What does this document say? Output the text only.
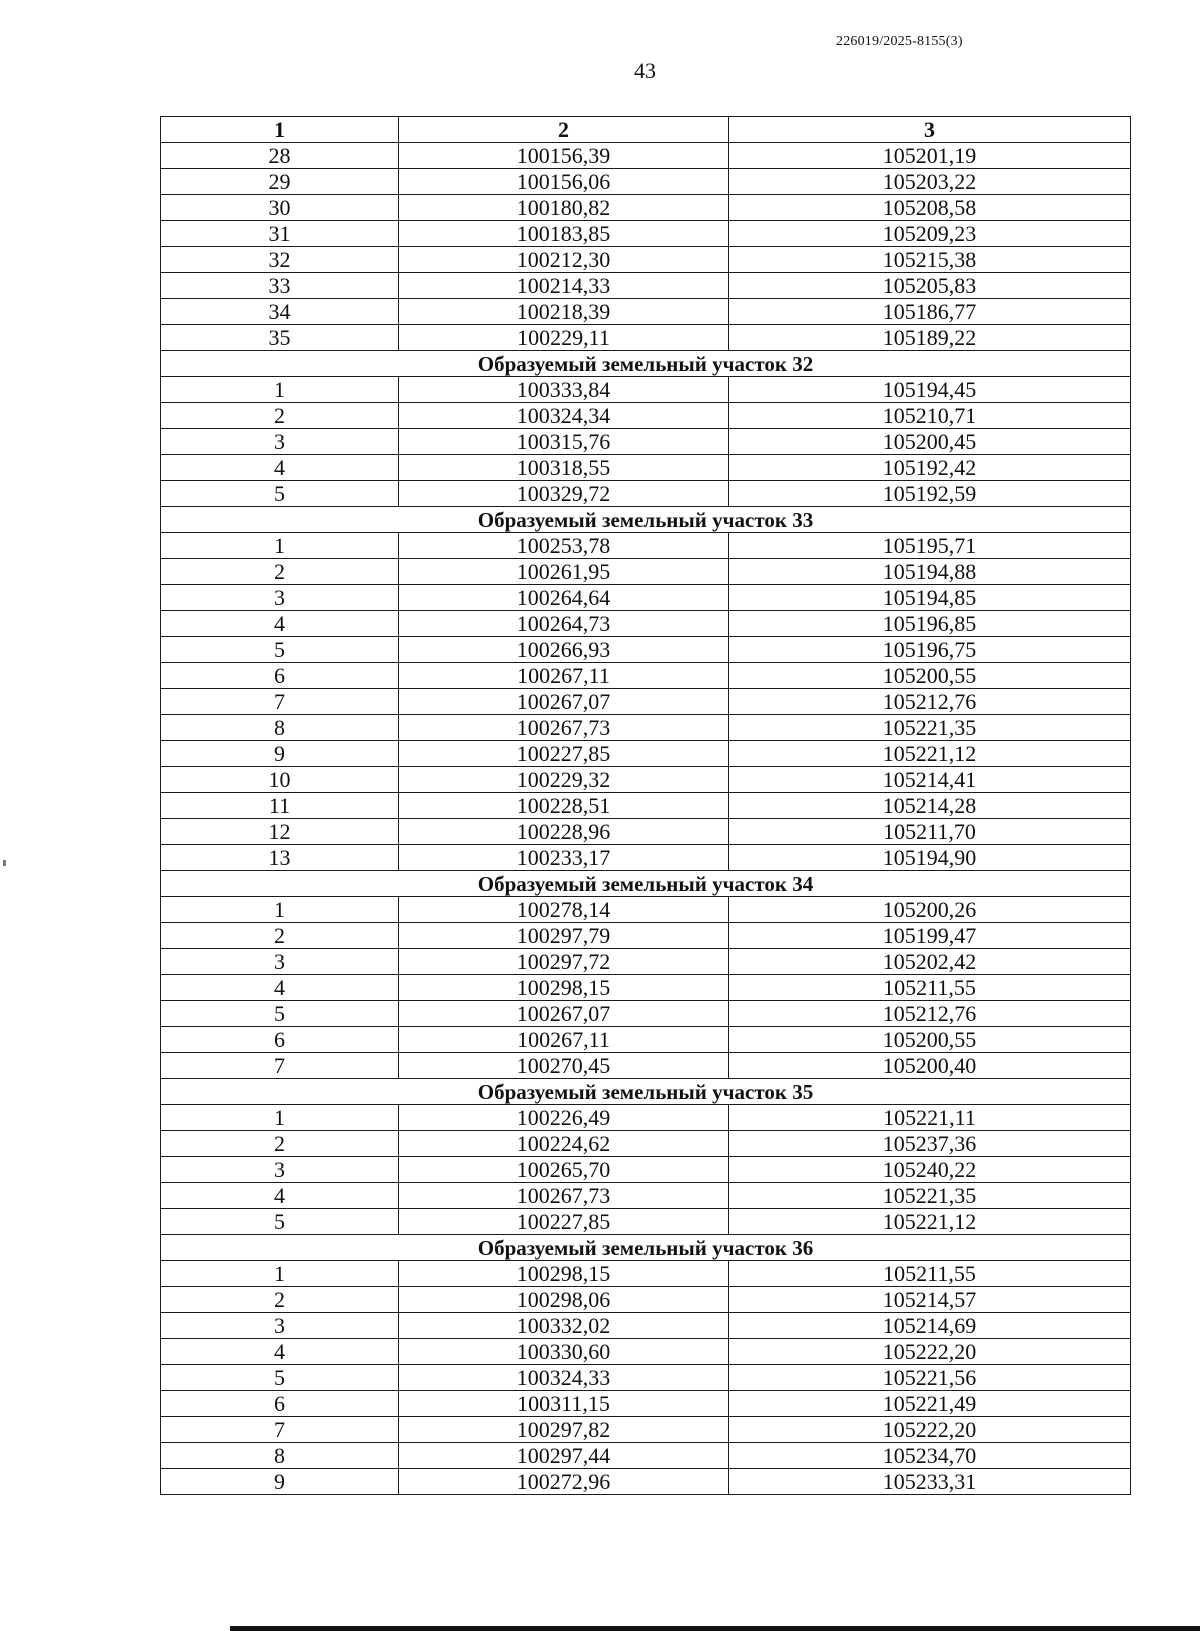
226019/2025-8155(3)
43
1	2	3
28	100156,39	105201,19
29	100156,06	105203,22
30	100180,82	105208,58
31	100183,85	105209,23
32	100212,30	105215,38
33	100214,33	105205,83
34	100218,39	105186,77
35	100229,11	105189,22
Образуемый земельный участок 32		
1	100333,84	105194,45
2	100324,34	105210,71
3	100315,76	105200,45
4	100318,55	105192,42
5	100329,72	105192,59
Образуемый земельный участок 33		
1	100253,78	105195,71
2	100261,95	105194,88
3	100264,64	105194,85
4	100264,73	105196,85
5	100266,93	105196,75
6	100267,11	105200,55
7	100267,07	105212,76
8	100267,73	105221,35
9	100227,85	105221,12
10	100229,32	105214,41
11	100228,51	105214,28
12	100228,96	105211,70
13	100233,17	105194,90
Образуемый земельный участок 34		
1	100278,14	105200,26
2	100297,79	105199,47
3	100297,72	105202,42
4	100298,15	105211,55
5	100267,07	105212,76
6	100267,11	105200,55
7	100270,45	105200,40
Образуемый земельный участок 35		
1	100226,49	105221,11
2	100224,62	105237,36
3	100265,70	105240,22
4	100267,73	105221,35
5	100227,85	105221,12
Образуемый земельный участок 36		
1	100298,15	105211,55
2	100298,06	105214,57
3	100332,02	105214,69
4	100330,60	105222,20
5	100324,33	105221,56
6	100311,15	105221,49
7	100297,82	105222,20
8	100297,44	105234,70
9	100272,96	105233,31
